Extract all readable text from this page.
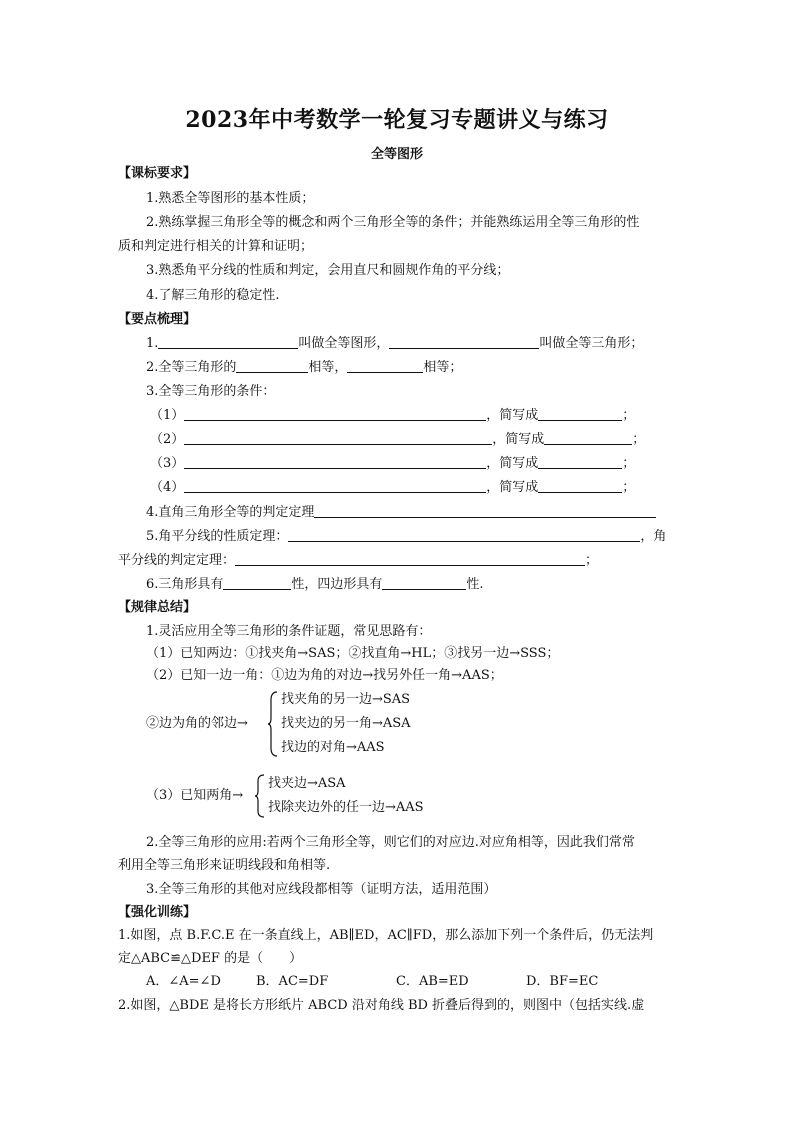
2023年中考数学一轮复习专题讲义与练习
全等图形
【课标要求】
1.熟悉全等图形的基本性质；
2.熟练掌握三角形全等的概念和两个三角形全等的条件；并能熟练运用全等三角形的性
质和判定进行相关的计算和证明；
3.熟悉角平分线的性质和判定，会用直尺和圆规作角的平分线；
4.了解三角形的稳定性.
【要点梳理】
1.	叫做全等图形，	叫做全等三角形；
2.全等三角形的	相等，	相等；
3.全等三角形的条件：
（1）	，简写成	；
（2）	，简写成	；
（3）	，简写成	；
（4）	，简写成	；
4.直角三角形全等的判定定理
5.角平分线的性质定理：	，角
平分线的判定定理：	；
6.三角形具有	性，四边形具有	性.
【规律总结】
1.灵活应用全等三角形的条件证题，常见思路有：
（1）已知两边：①找夹角→SAS；②找直角→HL；③找另一边→SSS；
（2）已知一边一角：①边为角的对边→找另外任一角→AAS；
②边为角的邻边→
找夹角的另一边→SAS
找夹边的另一角→ASA
找边的对角→AAS
（3）已知两角→
找夹边→ASA
找除夹边外的任一边→AAS
2.全等三角形的应用:若两个三角形全等，则它们的对应边.对应角相等，因此我们常常
利用全等三角形来证明线段和角相等.
3.全等三角形的其他对应线段都相等（证明方法，适用范围）
【强化训练】
1.如图，点 B.F.C.E 在一条直线上，AB∥ED，AC∥FD，那么添加下列一个条件后，仍无法判
定△ABC≌△DEF 的是（　　）
A．∠A=∠D	B．AC=DF	C．AB=ED	D．BF=EC
2.如图，△BDE 是将长方形纸片 ABCD 沿对角线 BD 折叠后得到的，则图中（包括实线.虚
